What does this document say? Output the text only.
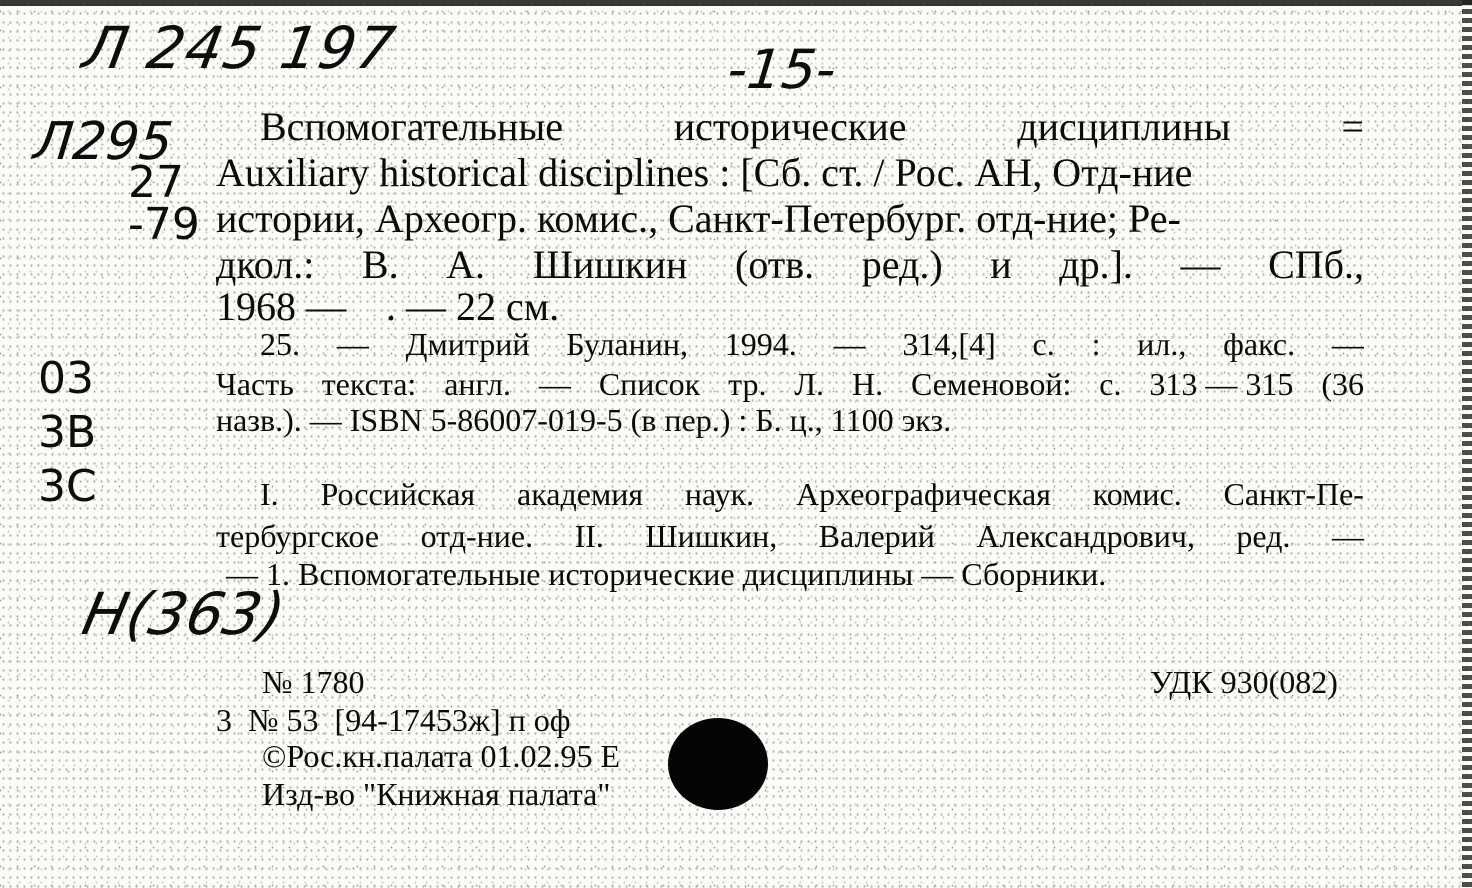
Л 245 197	-15-
Л295
27
-79
03
3В
3С
Н(363)
Вспомогательные	исторические	дисциплины	=
Auxiliary historical disciplines : [Сб. ст. / Рос. АН, Отд-ние
истории, Археогр. комис., Санкт-Петербург. отд-ние; Ре-
дкол.: В. А. Шишкин (отв. ред.) и др.]. — СПб.,
1968 —    . — 22 см.
25. — Дмитрий Буланин, 1994. — 314,[4] с. : ил., факс. —
Часть текста: англ. — Список тр. Л. Н. Семеновой: с. 313 — 315 (36
назв.). — ISBN 5-86007-019-5 (в пер.) : Б. ц., 1100 экз.
I. Российская академия наук. Археографическая комис. Санкт-Пе-
тербургское отд-ние. II. Шишкин, Валерий Александрович, ред. —
— 1. Вспомогательные исторические дисциплины — Сборники.
№ 1780	УДК 930(082)
3  № 53  [94-17453ж] п оф
©Рос.кн.палата 01.02.95 Е
Изд-во "Книжная палата"
